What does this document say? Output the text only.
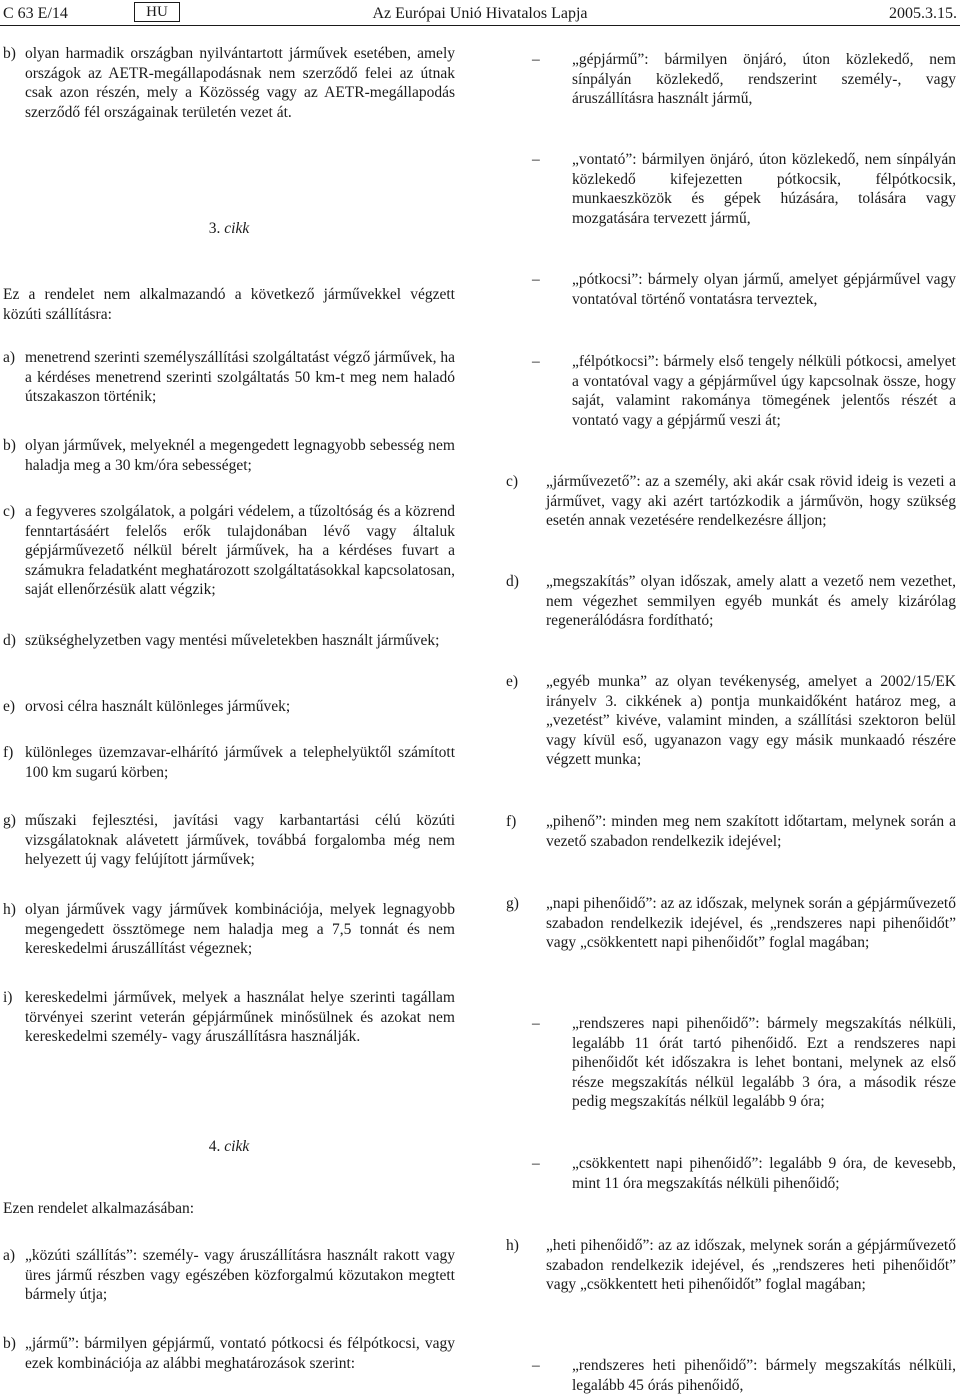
Az Európai Unió Hivatalos Lapja
C 63 E/14	HU	2005.3.15.
b) olyan harmadik országban nyilvántartott járművek esetében, amely országok az AETR-megállapodásnak nem szerződő felei az útnak csak azon részén, mely a Közösség vagy az AETR-megállapodás szerződő fél országainak területén vezet át.
3. cikk

Ez a rendelet nem alkalmazandó a következő járművekkel végzett közúti szállításra:

a) menetrend szerinti személyszállítási szolgáltatást végző járművek, ha a kérdéses menetrend szerinti szolgáltatás 50 km-t meg nem haladó útszakaszon történik;
b) olyan járművek, melyeknél a megengedett legnagyobb sebesség nem haladja meg a 30 km/óra sebességet;
c) a fegyveres szolgálatok, a polgári védelem, a tűzoltóság és a közrend fenntartásáért felelős erők tulajdonában lévő vagy általuk gépjárművezető nélkül bérelt járművek, ha a kérdéses fuvart a számukra feladatként meghatározott szolgáltatásokkal kapcsolatosan, saját ellenőrzésük alatt végzik;
d) szükséghelyzetben vagy mentési műveletekben használt járművek;
e) orvosi célra használt különleges járművek;
f) különleges üzemzavar-elhárító járművek a telephelyüktől számított 100 km sugarú körben;
g) műszaki fejlesztési, javítási vagy karbantartási célú közúti vizsgálatoknak alávetett járművek, továbbá forgalomba még nem helyezett új vagy felújított járművek;
h) olyan járművek vagy járművek kombinációja, melyek legnagyobb megengedett össztömege nem haladja meg a 7,5 tonnát és nem kereskedelmi áruszállítást végeznek;
i) kereskedelmi járművek, melyek a használat helye szerinti tagállam törvényei szerint veterán gépjárműnek minősülnek és azokat nem kereskedelmi személy- vagy áruszállításra használják.
4. cikk

Ezen rendelet alkalmazásában:

a) „közúti szállítás”: személy- vagy áruszállításra használt rakott vagy üres jármű részben vagy egészében közforgalmú közutakon megtett bármely útja;
b) „jármű”: bármilyen gépjármű, vontató pótkocsi és félpótkocsi, vagy ezek kombinációja az alábbi meghatározások szerint:
–	„gépjármű”: bármilyen önjáró, úton közlekedő, nem sínpályán közlekedő, rendszerint személy-, vagy áruszállításra használt jármű,
–	„vontató”: bármilyen önjáró, úton közlekedő, nem sínpályán közlekedő kifejezetten pótkocsik, félpótkocsik, munkaeszközök és gépek húzására, tolására vagy mozgatására tervezett jármű,
–	„pótkocsi”: bármely olyan jármű, amelyet gépjárművel vagy vontatóval történő vontatásra terveztek,
–	„félpótkocsi”: bármely első tengely nélküli pótkocsi, amelyet a vontatóval vagy a gépjárművel úgy kapcsolnak össze, hogy saját, valamint rakománya tömegének jelentős részét a vontató vagy a gépjármű veszi át;
c)	„járművezető”: az a személy, aki akár csak rövid ideig is vezeti a járművet, vagy aki azért tartózkodik a járművön, hogy szükség esetén annak vezetésére rendelkezésre álljon;
d)	„megszakítás” olyan időszak, amely alatt a vezető nem vezethet, nem végezhet semmilyen egyéb munkát és amely kizárólag regenerálódásra fordítható;
e)	„egyéb munka” az olyan tevékenység, amelyet a 2002/15/EK irányelv 3. cikkének a) pontja munkaidőként határoz meg, a „vezetést” kivéve, valamint minden, a szállítási szektoron belül vagy kívül eső, ugyanazon vagy egy másik munkaadó részére végzett munka;
f)	„pihenő”: minden meg nem szakított időtartam, melynek során a vezető szabadon rendelkezik idejével;
g)	„napi pihenőidő”: az az időszak, melynek során a gépjárművezető szabadon rendelkezik idejével, és „rendszeres napi pihenőidőt” vagy „csökkentett napi pihenőidőt” foglal magában;
–	„rendszeres napi pihenőidő”: bármely megszakítás nélküli, legalább 11 órát tartó pihenőidő. Ezt a rendszeres napi pihenőidőt két időszakra is lehet bontani, melynek az első része megszakítás nélkül legalább 3 óra, a második része pedig megszakítás nélkül legalább 9 óra;
–	„csökkentett napi pihenőidő”: legalább 9 óra, de kevesebb, mint 11 óra megszakítás nélküli pihenőidő;
h)	„heti pihenőidő”: az az időszak, melynek során a gépjárművezető szabadon rendelkezik idejével, és „rendszeres heti pihenőidőt” vagy „csökkentett heti pihenőidőt” foglal magában;
–	„rendszeres heti pihenőidő”: bármely megszakítás nélküli, legalább 45 órás pihenőidő,
